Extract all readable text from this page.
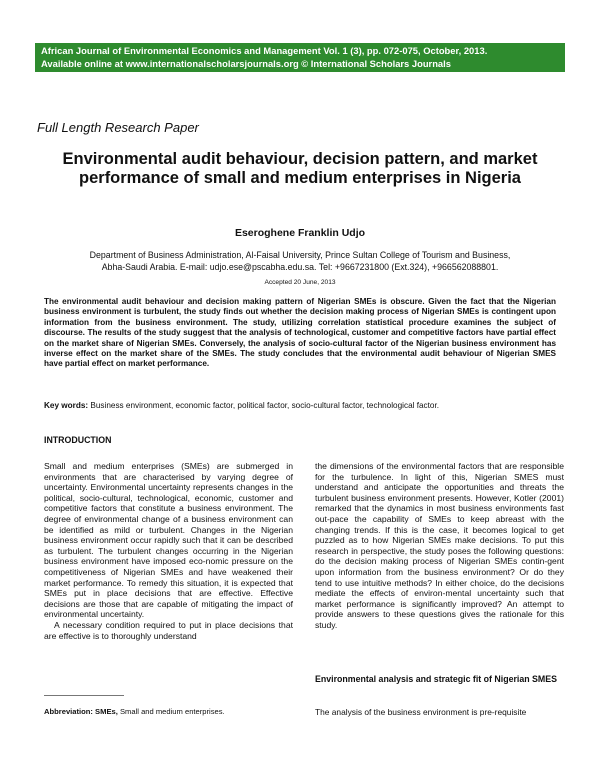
African Journal of Environmental Economics and Management Vol. 1 (3), pp. 072-075, October, 2013.
Available online at www.internationalscholarsjournals.org © International Scholars Journals
Full Length Research Paper
Environmental audit behaviour, decision pattern, and market performance of small and medium enterprises in Nigeria
Eseroghene Franklin Udjo
Department of Business Administration, Al-Faisal University, Prince Sultan College of Tourism and Business,
Abha-Saudi Arabia. E-mail: udjo.ese@pscabha.edu.sa. Tel: +9667231800 (Ext.324), +966562088801.
Accepted 20 June, 2013
The environmental audit behaviour and decision making pattern of Nigerian SMEs is obscure. Given the fact that the Nigerian business environment is turbulent, the study finds out whether the decision making process of Nigerian SMEs is contingent upon information from the business environment. The study, utilizing correlation statistical procedure examines the subject of discourse. The results of the study suggest that the analysis of technological, customer and competitive factors have partial effect on the market share of Nigerian SMEs. Conversely, the analysis of socio-cultural factor of the Nigerian business environment has inverse effect on the market share of the SMEs. The study concludes that the environmental audit behaviour of Nigerian SMES have partial effect on market performance.
Key words: Business environment, economic factor, political factor, socio-cultural factor, technological factor.
INTRODUCTION

Small and medium enterprises (SMEs) are submerged in environments that are characterised by varying degree of uncertainty. Environmental uncertainty represents changes in the political, socio-cultural, technological, economic, customer and competitive factors that constitute a business environment. The degree of environmental change of a business environment can be identified as mild or turbulent. Changes in the Nigerian business environment occur rapidly such that it can be described as turbulent. The turbulent changes occurring in the Nigerian business environment have imposed eco-nomic pressure on the competitiveness of Nigerian SMEs and have weakened their market performance. To remedy this situation, it is expected that SMEs put in place decisions that are effective. Effective decisions are those that are capable of mitigating the impact of environmental uncertainty.

A necessary condition required to put in place decisions that are effective is to thoroughly understand

the dimensions of the environmental factors that are responsible for the turbulence. In light of this, Nigerian SMES must understand and anticipate the opportunities and threats the turbulent business environment presents. However, Kotler (2001) remarked that the dynamics in most business environments fast out-pace the capability of SMEs to keep abreast with the changing trends. If this is the case, it becomes logical to get puzzled as to how Nigerian SMEs make decisions. To put this research in perspective, the study poses the following questions: do the decision making process of Nigerian SMEs contin-gent upon information from the business environment? Or do they tend to use intuitive methods? In either choice, do the decisions mediate the effects of environ-mental uncertainty such that market performance is significantly improved? An attempt to provide answers to these questions gives the rationale for this study.

Environmental analysis and strategic fit of Nigerian SMES
Abbreviation: SMEs, Small and medium enterprises.	The analysis of the business environment is pre-requisite
